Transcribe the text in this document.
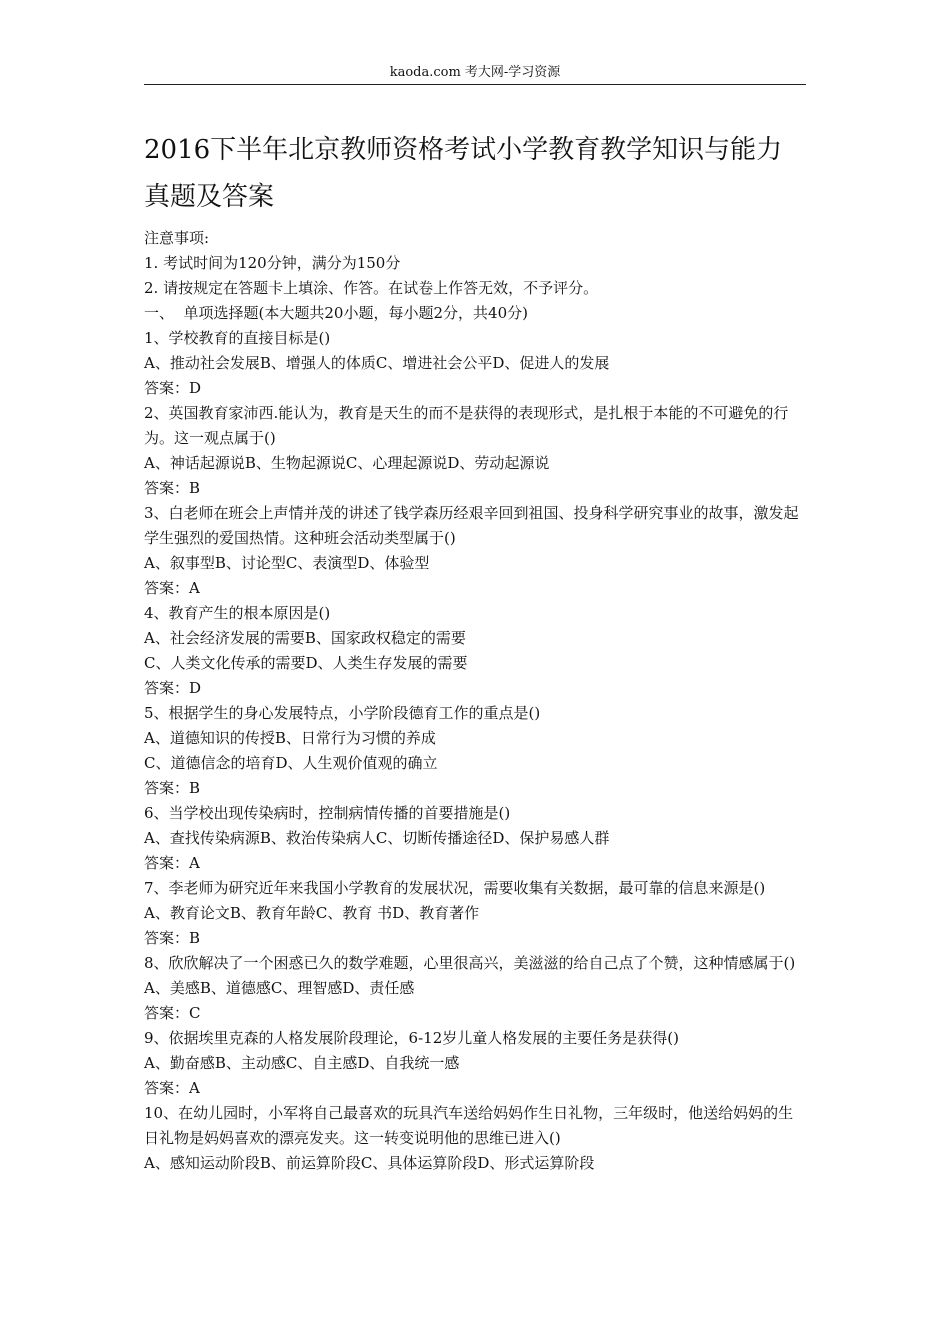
kaoda.com 考大网-学习资源
2016下半年北京教师资格考试小学教育教学知识与能力真题及答案

注意事项:

1. 考试时间为120分钟，满分为150分

2. 请按规定在答题卡上填涂、作答。在试卷上作答无效，不予评分。

一、  单项选择题(本大题共20小题，每小题2分，共40分)

1、学校教育的直接目标是()

A、推动社会发展B、增强人的体质C、增进社会公平D、促进人的发展

答案：D

2、英国教育家沛西.能认为，教育是天生的而不是获得的表现形式，是扎根于本能的不可避免的行为。这一观点属于()

A、神话起源说B、生物起源说C、心理起源说D、劳动起源说

答案：B

3、白老师在班会上声情并茂的讲述了钱学森历经艰辛回到祖国、投身科学研究事业的故事，激发起学生强烈的爱国热情。这种班会活动类型属于()

A、叙事型B、讨论型C、表演型D、体验型

答案：A

4、教育产生的根本原因是()

A、社会经济发展的需要B、国家政权稳定的需要

C、人类文化传承的需要D、人类生存发展的需要

答案：D

5、根据学生的身心发展特点，小学阶段德育工作的重点是()

A、道德知识的传授B、日常行为习惯的养成

C、道德信念的培育D、人生观价值观的确立

答案：B

6、当学校出现传染病时，控制病情传播的首要措施是()

A、查找传染病源B、救治传染病人C、切断传播途径D、保护易感人群

答案：A

7、李老师为研究近年来我国小学教育的发展状况，需要收集有关数据，最可靠的信息来源是()

A、教育论文B、教育年龄C、教育 书D、教育著作

答案：B

8、欣欣解决了一个困惑已久的数学难题，心里很高兴，美滋滋的给自己点了个赞，这种情感属于()

A、美感B、道德感C、理智感D、责任感

答案：C

9、依据埃里克森的人格发展阶段理论，6-12岁儿童人格发展的主要任务是获得()

A、勤奋感B、主动感C、自主感D、自我统一感

答案：A

10、在幼儿园时，小军将自己最喜欢的玩具汽车送给妈妈作生日礼物，三年级时，他送给妈妈的生日礼物是妈妈喜欢的漂亮发夹。这一转变说明他的思维已进入()

A、感知运动阶段B、前运算阶段C、具体运算阶段D、形式运算阶段
